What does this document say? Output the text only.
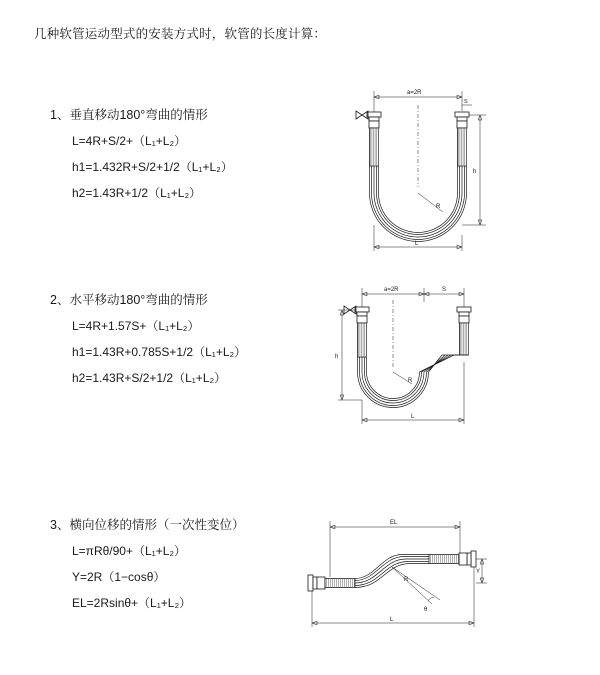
几种软管运动型式的安装方式时，软管的长度计算：
1、垂直移动180°弯曲的情形
L=4R+S/2+（L₁+L₂）
h1=1.432R+S/2+1/2（L₁+L₂）
h2=1.43R+1/2（L₁+L₂）
a=2R
R
h
S
L
2、水平移动180°弯曲的情形
L=4R+1.57S+（L₁+L₂）
h1=1.43R+0.785S+1/2（L₁+L₂）
h2=1.43R+S/2+1/2（L₁+L₂）
a=2R	S
R
h
L
3、横向位移的情形（一次性变位）
L=πRθ/90+（L₁+L₂）
Y=2R（1−cosθ）
EL=2Rsinθ+（L₁+L₂）
EL
θ
R
Y
L
